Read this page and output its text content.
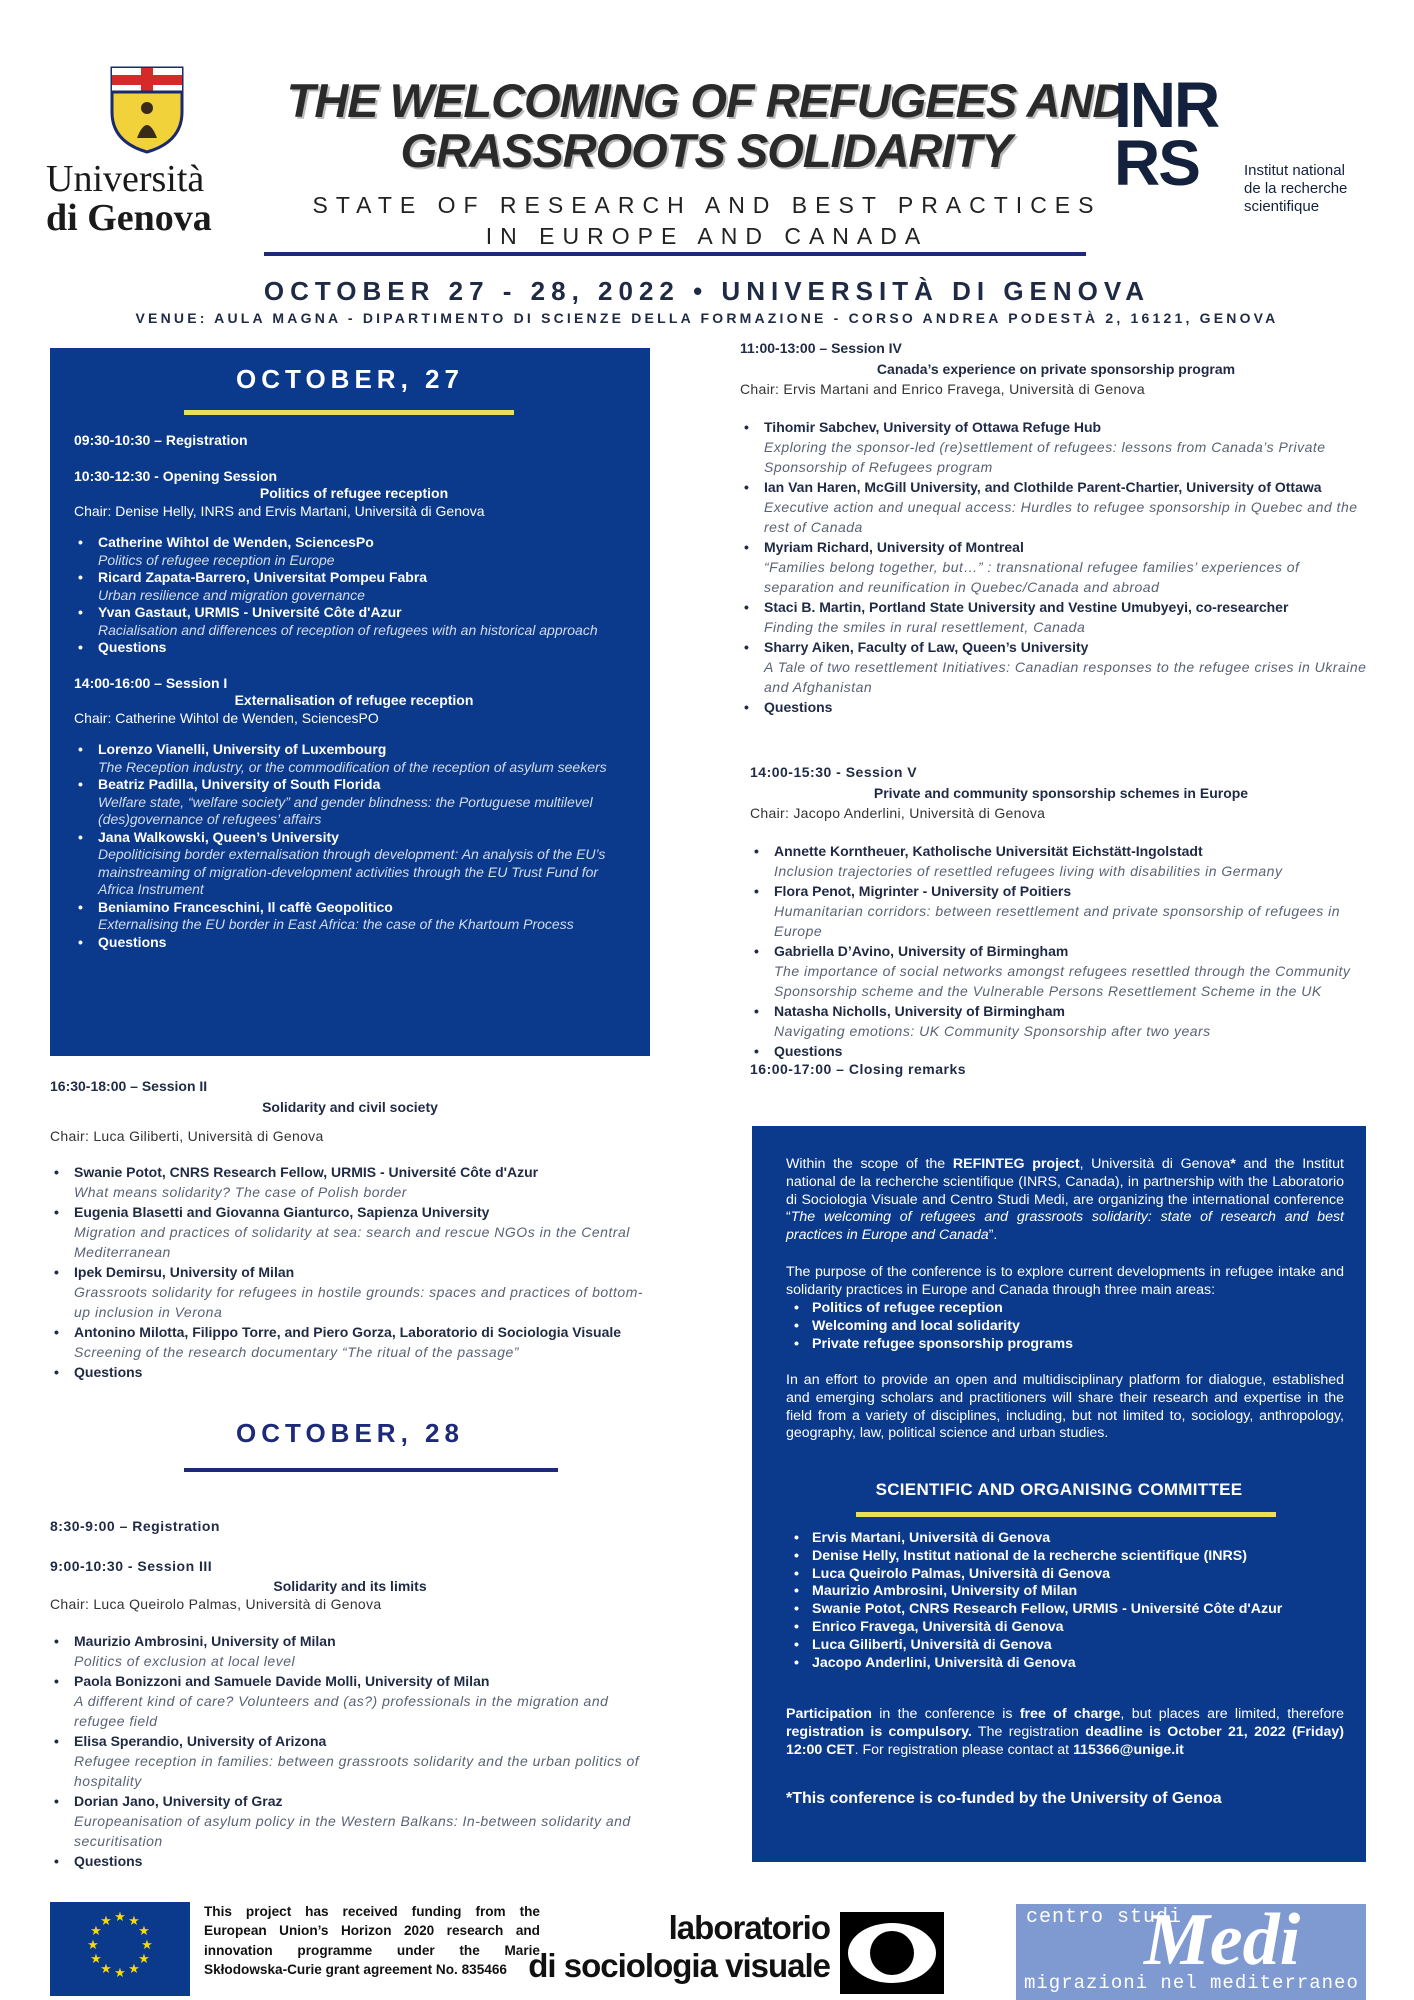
Università
di Genova
THE WELCOMING OF REFUGEES AND GRASSROOTS SOLIDARITY
STATE OF RESEARCH AND BEST PRACTICES
IN EUROPE AND CANADA
INR
RS	Institut national
de la recherche
scientifique
OCTOBER 27 - 28, 2022 • UNIVERSITÀ DI GENOVA
VENUE: AULA MAGNA - DIPARTIMENTO DI SCIENZE DELLA FORMAZIONE - CORSO ANDREA PODESTÀ 2, 16121, GENOVA
OCTOBER, 27
09:30-10:30 – Registration
10:30-12:30 - Opening Session
Politics of refugee reception
Chair: Denise Helly, INRS and Ervis Martani, Università di Genova
• Catherine Wihtol de Wenden, SciencesPo
Politics of refugee reception in Europe
• Ricard Zapata-Barrero, Universitat Pompeu Fabra
Urban resilience and migration governance
• Yvan Gastaut, URMIS - Université Côte d'Azur
Racialisation and differences of reception of refugees with an historical approach
• Questions
14:00-16:00 – Session I
Externalisation of refugee reception
Chair: Catherine Wihtol de Wenden, SciencesPO
• Lorenzo Vianelli, University of Luxembourg
The Reception industry, or the commodification of the reception of asylum seekers
• Beatriz Padilla, University of South Florida
Welfare state, “welfare society” and gender blindness: the Portuguese multilevel (des)governance of refugees’ affairs
• Jana Walkowski, Queen’s University
Depoliticising border externalisation through development: An analysis of the EU’s mainstreaming of migration-development activities through the EU Trust Fund for Africa Instrument
• Beniamino Franceschini, Il caffè Geopolitico
Externalising the EU border in East Africa: the case of the Khartoum Process
• Questions
16:30-18:00 – Session II
Solidarity and civil society
Chair: Luca Giliberti, Università di Genova
• Swanie Potot, CNRS Research Fellow, URMIS - Université Côte d'Azur
What means solidarity? The case of Polish border
• Eugenia Blasetti and Giovanna Gianturco, Sapienza University
Migration and practices of solidarity at sea: search and rescue NGOs in the Central Mediterranean
• Ipek Demirsu, University of Milan
Grassroots solidarity for refugees in hostile grounds: spaces and practices of bottom-up inclusion in Verona
• Antonino Milotta, Filippo Torre, and Piero Gorza, Laboratorio di Sociologia Visuale
Screening of the research documentary “The ritual of the passage”
• Questions
OCTOBER, 28
8:30-9:00 – Registration
9:00-10:30 - Session III
Solidarity and its limits
Chair: Luca Queirolo Palmas, Università di Genova
• Maurizio Ambrosini, University of Milan
Politics of exclusion at local level
• Paola Bonizzoni and Samuele Davide Molli, University of Milan
A different kind of care? Volunteers and (as?) professionals in the migration and refugee field
• Elisa Sperandio, University of Arizona
Refugee reception in families: between grassroots solidarity and the urban politics of hospitality
• Dorian Jano, University of Graz
Europeanisation of asylum policy in the Western Balkans: In-between solidarity and securitisation
• Questions
11:00-13:00 – Session IV
Canada’s experience on private sponsorship program
Chair: Ervis Martani and Enrico Fravega, Università di Genova
• Tihomir Sabchev, University of Ottawa Refuge Hub
Exploring the sponsor-led (re)settlement of refugees: lessons from Canada’s Private Sponsorship of Refugees program
• Ian Van Haren, McGill University, and Clothilde Parent-Chartier, University of Ottawa
Executive action and unequal access: Hurdles to refugee sponsorship in Quebec and the rest of Canada
• Myriam Richard, University of Montreal
“Families belong together, but…” : transnational refugee families’ experiences of separation and reunification in Quebec/Canada and abroad
• Staci B. Martin, Portland State University and Vestine Umubyeyi, co-researcher
Finding the smiles in rural resettlement, Canada
• Sharry Aiken, Faculty of Law, Queen’s University
A Tale of two resettlement Initiatives: Canadian responses to the refugee crises in Ukraine and Afghanistan
• Questions
14:00-15:30 - Session V
Private and community sponsorship schemes in Europe
Chair: Jacopo Anderlini, Università di Genova
• Annette Korntheuer, Katholische Universität Eichstätt-Ingolstadt
Inclusion trajectories of resettled refugees living with disabilities in Germany
• Flora Penot, Migrinter - University of Poitiers
Humanitarian corridors: between resettlement and private sponsorship of refugees in Europe
• Gabriella D’Avino, University of Birmingham
The importance of social networks amongst refugees resettled through the Community Sponsorship scheme and the Vulnerable Persons Resettlement Scheme in the UK
• Natasha Nicholls, University of Birmingham
Navigating emotions: UK Community Sponsorship after two years
• Questions
16:00-17:00 – Closing remarks
Within the scope of the REFINTEG project, Università di Genova* and the Institut national de la recherche scientifique (INRS, Canada), in partnership with the Laboratorio di Sociologia Visuale and Centro Studi Medi, are organizing the international conference “The welcoming of refugees and grassroots solidarity: state of research and best practices in Europe and Canada”.
The purpose of the conference is to explore current developments in refugee intake and solidarity practices in Europe and Canada through three main areas:
• Politics of refugee reception
• Welcoming and local solidarity
• Private refugee sponsorship programs
In an effort to provide an open and multidisciplinary platform for dialogue, established and emerging scholars and practitioners will share their research and expertise in the field from a variety of disciplines, including, but not limited to, sociology, anthropology, geography, law, political science and urban studies.
SCIENTIFIC AND ORGANISING COMMITTEE
• Ervis Martani, Università di Genova
• Denise Helly, Institut national de la recherche scientifique (INRS)
• Luca Queirolo Palmas, Università di Genova
• Maurizio Ambrosini, University of Milan
• Swanie Potot, CNRS Research Fellow, URMIS - Université Côte d'Azur
• Enrico Fravega, Università di Genova
• Luca Giliberti, Università di Genova
• Jacopo Anderlini, Università di Genova
Participation in the conference is free of charge, but places are limited, therefore registration is compulsory. The registration deadline is October 21, 2022 (Friday) 12:00 CET. For registration please contact at 115366@unige.it
*This conference is co-funded by the University of Genoa
★ ★
★
★
★
★
★
★
★
★
★
★
This project has received funding from the European Union’s Horizon 2020 research and innovation programme under the Marie Skłodowska-Curie grant agreement No. 835466
laboratorio
di sociologia visuale
centro studi
Medi
migrazioni nel mediterraneo
